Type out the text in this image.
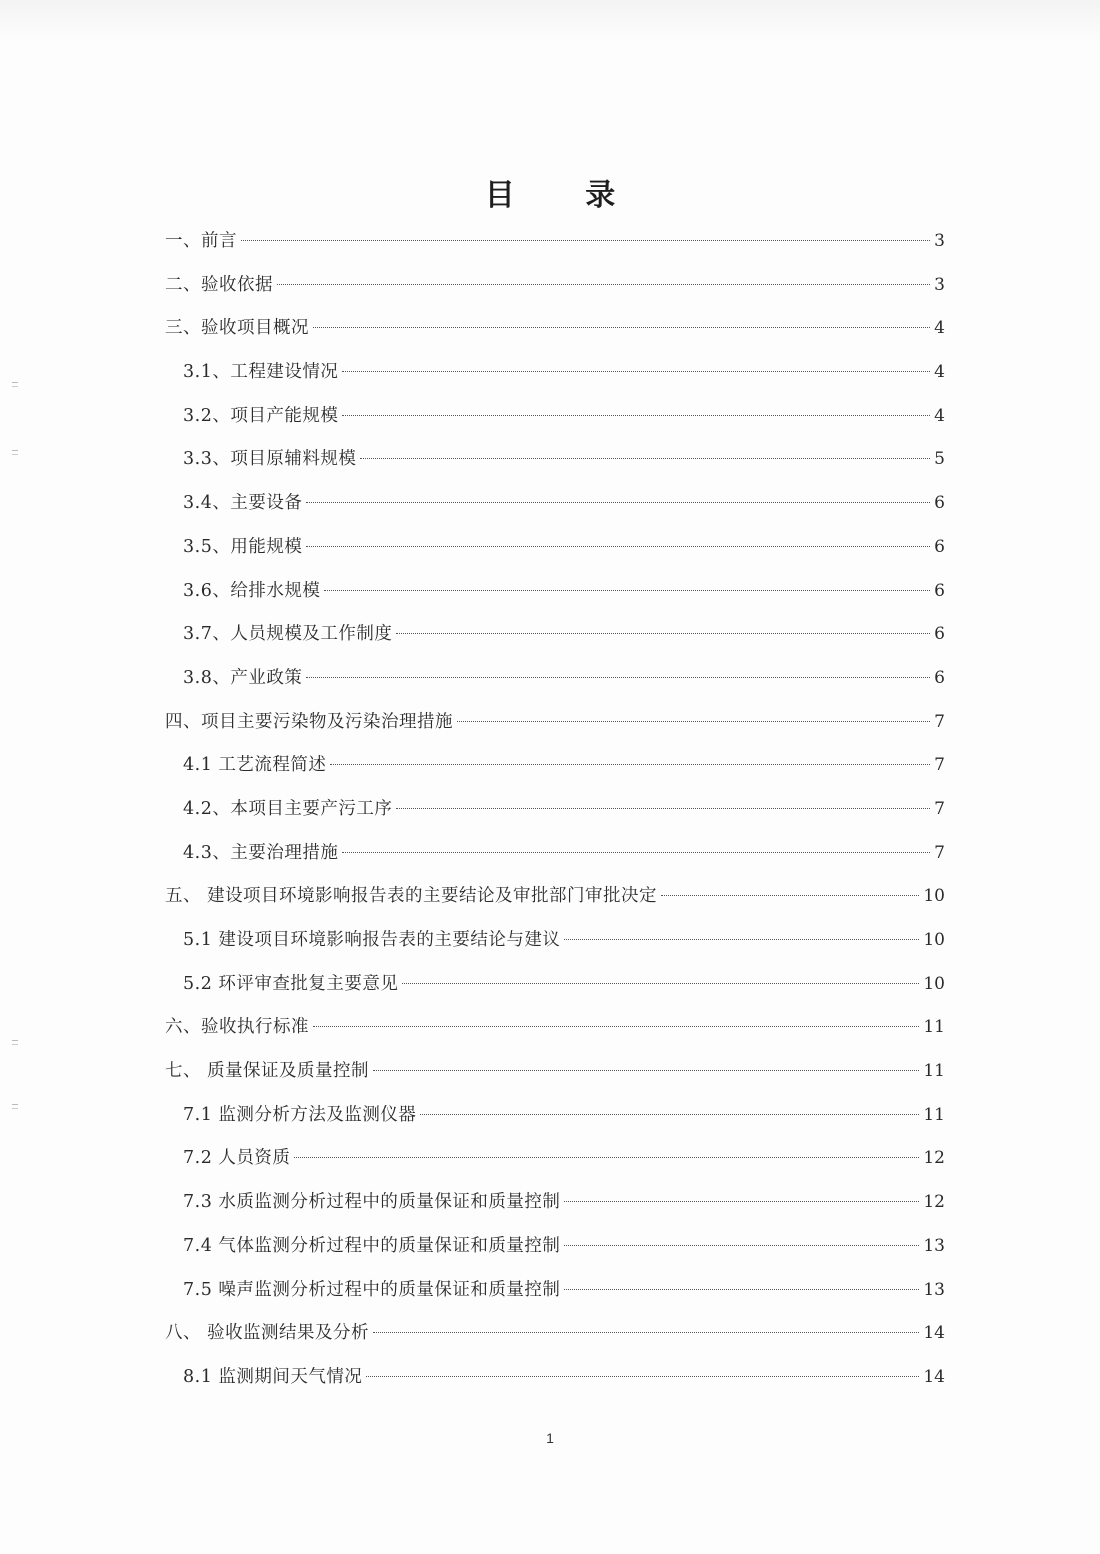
目 录
一、前言	3
二、验收依据	3
三、验收项目概况	4
3.1、工程建设情况	4
3.2、项目产能规模	4
3.3、项目原辅料规模	5
3.4、主要设备	6
3.5、用能规模	6
3.6、给排水规模	6
3.7、人员规模及工作制度	6
3.8、产业政策	6
四、项目主要污染物及污染治理措施	7
4.1 工艺流程简述	7
4.2、本项目主要产污工序	7
4.3、主要治理措施	7
五、 建设项目环境影响报告表的主要结论及审批部门审批决定	10
5.1 建设项目环境影响报告表的主要结论与建议	10
5.2 环评审查批复主要意见	10
六、验收执行标准	11
七、 质量保证及质量控制	11
7.1 监测分析方法及监测仪器	11
7.2 人员资质	12
7.3 水质监测分析过程中的质量保证和质量控制	12
7.4 气体监测分析过程中的质量保证和质量控制	13
7.5 噪声监测分析过程中的质量保证和质量控制	13
八、 验收监测结果及分析	14
8.1 监测期间天气情况	14
1
